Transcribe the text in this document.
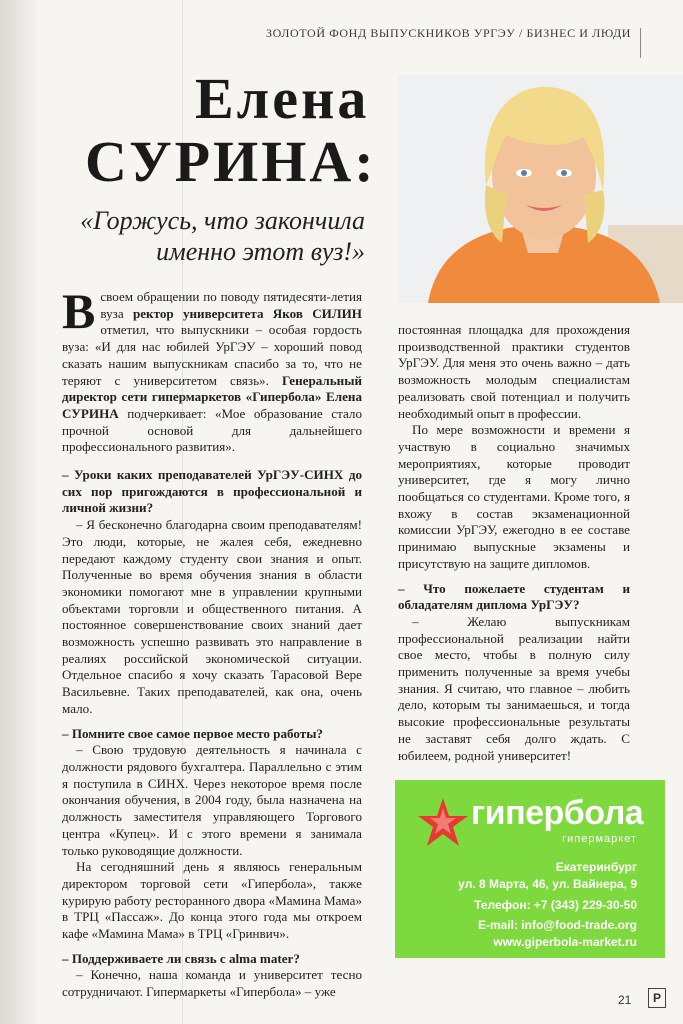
ЗОЛОТОЙ ФОНД ВЫПУСКНИКОВ УРГЭУ / БИЗНЕС И ЛЮДИ
Елена
СУРИНА:
«Горжусь, что закончила
именно этот вуз!»

Всвоем обращении по поводу пятидесяти-летия вуза ректор университета Яков СИЛИН отметил, что выпускники – особая гордость вуза: «И для нас юбилей УрГЭУ – хороший повод сказать нашим выпускникам спасибо за то, что не теряют с университетом связь». Генеральный директор сети гипермаркетов «Гипербола» Елена СУРИНА подчеркивает: «Мое образование стало прочной основой для дальнейшего профессионального развития».

– Уроки каких преподавателей УрГЭУ-СИНХ до сих пор пригождаются в профессиональной и личной жизни?

– Я бесконечно благодарна своим преподавателям! Это люди, которые, не жалея себя, ежедневно передают каждому студенту свои знания и опыт. Полученные во время обучения знания в области экономики помогают мне в управлении крупными объектами торговли и общественного питания. А постоянное совершенствование своих знаний дает возможность успешно развивать это направление в реалиях российской экономической ситуации. Отдельное спасибо я хочу сказать Тарасовой Вере Васильевне. Таких преподавателей, как она, очень мало.

– Помните свое самое первое место работы?

– Свою трудовую деятельность я начинала с должности рядового бухгалтера. Параллельно с этим я поступила в СИНХ. Через некоторое время после окончания обучения, в 2004 году, была назначена на должность заместителя управляющего Торгового центра «Купец». И с этого времени я занимала только руководящие должности.

На сегодняшний день я являюсь генеральным директором торговой сети «Гипербола», также курирую работу ресторанного двора «Мамина Мама» в ТРЦ «Пассаж». До конца этого года мы откроем кафе «Мамина Мама» в ТРЦ «Гринвич».

– Поддерживаете ли связь с alma mater?

– Конечно, наша команда и университет тесно сотрудничают. Гипермаркеты «Гипербола» – уже

постоянная площадка для прохождения производственной практики студентов УрГЭУ. Для меня это очень важно – дать возможность молодым специалистам реализовать свой потенциал и получить необходимый опыт в профессии.

По мере возможности и времени я участвую в социально значимых мероприятиях, которые проводит университет, где я могу лично пообщаться со студентами. Кроме того, я вхожу в состав экзаменационной комиссии УрГЭУ, ежегодно в ее составе принимаю выпускные экзамены и присутствую на защите дипломов.

– Что пожелаете студентам и обладателям диплома УрГЭУ?

– Желаю выпускникам профессиональной реализации найти свое место, чтобы в полную силу применить полученные за время учебы знания. Я считаю, что главное – любить дело, которым ты занимаешься, и тогда высокие профессиональные результаты не заставят себя долго ждать. С юбилеем, родной университет!

гипербола
гипермаркет
Екатеринбург
ул. 8 Марта, 46, ул. Вайнера, 9
Телефон: +7 (343) 229-30-50
E-mail: info@food-trade.org
www.giperbola-market.ru
21	Р
